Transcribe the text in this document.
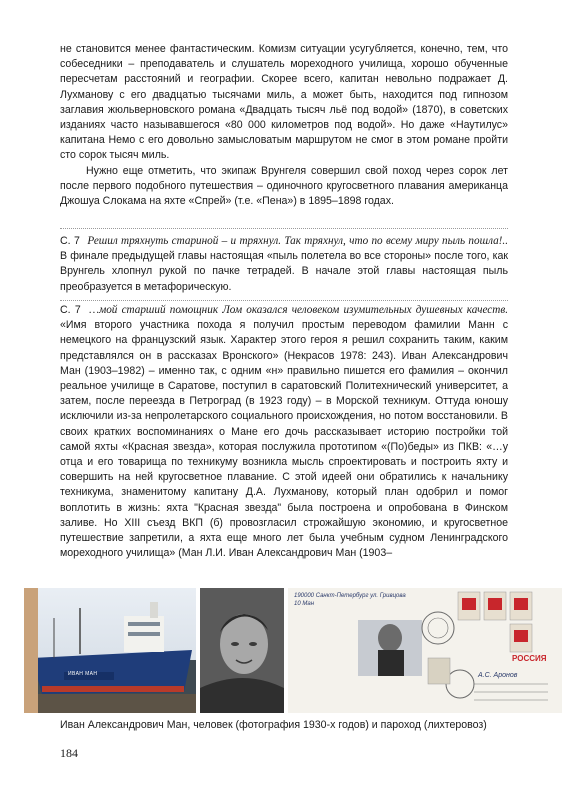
не становится менее фантастическим. Комизм ситуации усугубляется, конечно, тем, что собеседники – преподаватель и слушатель мореходного училища, хорошо обученные пересчетам расстояний и географии. Скорее всего, капитан невольно подражает Д. Лухманову с его двадцатью тысячами миль, а может быть, находится под гипнозом заглавия жюльверновского романа «Двадцать тысяч льё под водой» (1870), в советских изданиях часто называвшегося «80 000 километров под водой». Но даже «Наутилус» капитана Немо с его довольно замысловатым маршрутом не смог в этом романе пройти сто сорок тысяч миль.

Нужно еще отметить, что экипаж Врунгеля совершил свой поход через сорок лет после первого подобного путешествия – одиночного кругосветного плавания американца Джошуа Слокама на яхте «Спрей» (т.е. «Пена») в 1895–1898 годах.

С. 7 Решил тряхнуть стариной – и тряхнул. Так тряхнул, что по всему миру пыль пошла!.. В финале предыдущей главы настоящая «пыль полетела во все стороны» после того, как Врунгель хлопнул рукой по пачке тетрадей. В начале этой главы настоящая пыль преобразуется в метафорическую.

С. 7 …мой старший помощник Лом оказался человеком изумительных душевных качеств. «Имя второго участника похода я получил простым переводом фамилии Манн с немецкого на французский язык. Характер этого героя я решил сохранить таким, каким представлялся он в рассказах Вронского» (Некрасов 1978: 243). Иван Александрович Ман (1903–1982) – именно так, с одним «н» правильно пишется его фамилия – окончил реальное училище в Саратове, поступил в саратовский Политехнический университет, а затем, после переезда в Петроград (в 1923 году) – в Морской техникум. Оттуда юношу исключили из-за непролетарского социального происхождения, но потом восстановили. В своих кратких воспоминаниях о Мане его дочь рассказывает историю постройки той самой яхты «Красная звезда», которая послужила прототипом «(По)беды» из ПКВ: «…у отца и его товарища по техникуму возникла мысль спроектировать и построить яхту и совершить на ней кругосветное плавание. С этой идеей они обратились к начальнику техникума, знаменитому капитану Д.А. Лухманову, который план одобрил и помог воплотить в жизнь: яхта "Красная звезда" была построена и опробована в Финском заливе. Но XIII съезд ВКП (б) провозгласил строжайшую экономию, и кругосветное путешествие запретили, а яхта еще много лет была учебным судном Ленинградского мореходного училища» (Ман Л.И. Иван Александрович Ман (1903–

ИВАН МАН
190000 Санкт-Петербург ул. Гривцова 10 Ман
РОССИЯ
А.С. Аронов
Иван Александрович Ман, человек (фотография 1930-х годов) и пароход (лихтеровоз)
184
